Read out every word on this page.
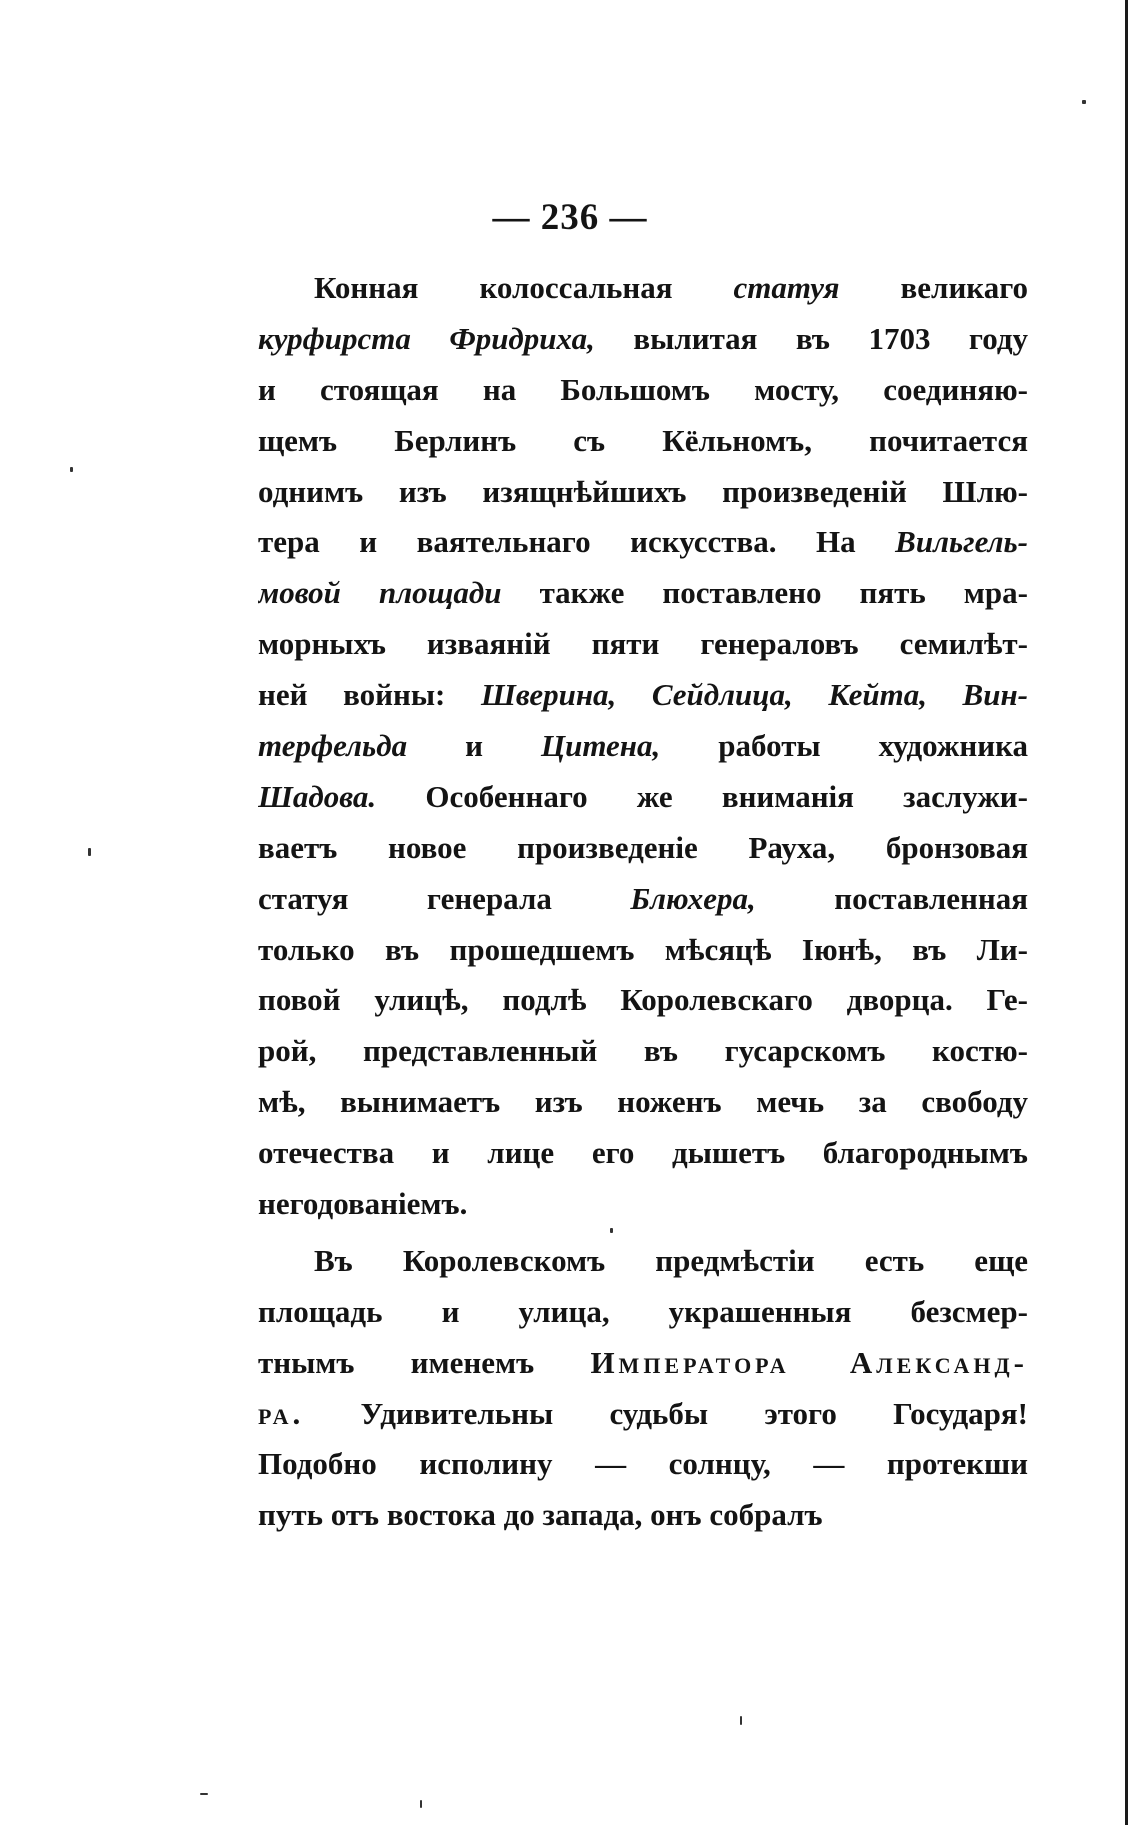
— 236 —
Конная колоссальная статуя великаго
курфирста Фридриха, вылитая въ 1703 году
и стоящая на Большомъ мосту, соединяю-
щемъ Берлинъ съ Кёльномъ, почитается
однимъ изъ изящнѣйшихъ произведеній Шлю-
тера и ваятельнаго искусства. На Вильгель-
мовой площади также поставлено пять мра-
морныхъ изваяній пяти генераловъ семилѣт-
ней войны: Шверина, Сейдлица, Кейта, Вин-
терфельда и Цитена, работы художника
Шадова. Особеннаго же вниманія заслужи-
ваетъ новое произведеніе Рауха, бронзовая
статуя генерала Блюхера, поставленная
только въ прошедшемъ мѣсяцѣ Іюнѣ, въ Ли-
повой улицѣ, подлѣ Королевскаго дворца. Ге-
рой, представленный въ гусарскомъ костю-
мѣ, вынимаетъ изъ ноженъ мечь за свободу
отечества и лице его дышетъ благороднымъ
негодованіемъ.
Въ Королевскомъ предмѣстіи есть еще
площадь и улица, украшенныя безсмер-
тнымъ именемъ Императора Александ-
ра. Удивительны судьбы этого Государя!
Подобно исполину — солнцу, — протекши
путь отъ востока до запада, онъ собралъ
